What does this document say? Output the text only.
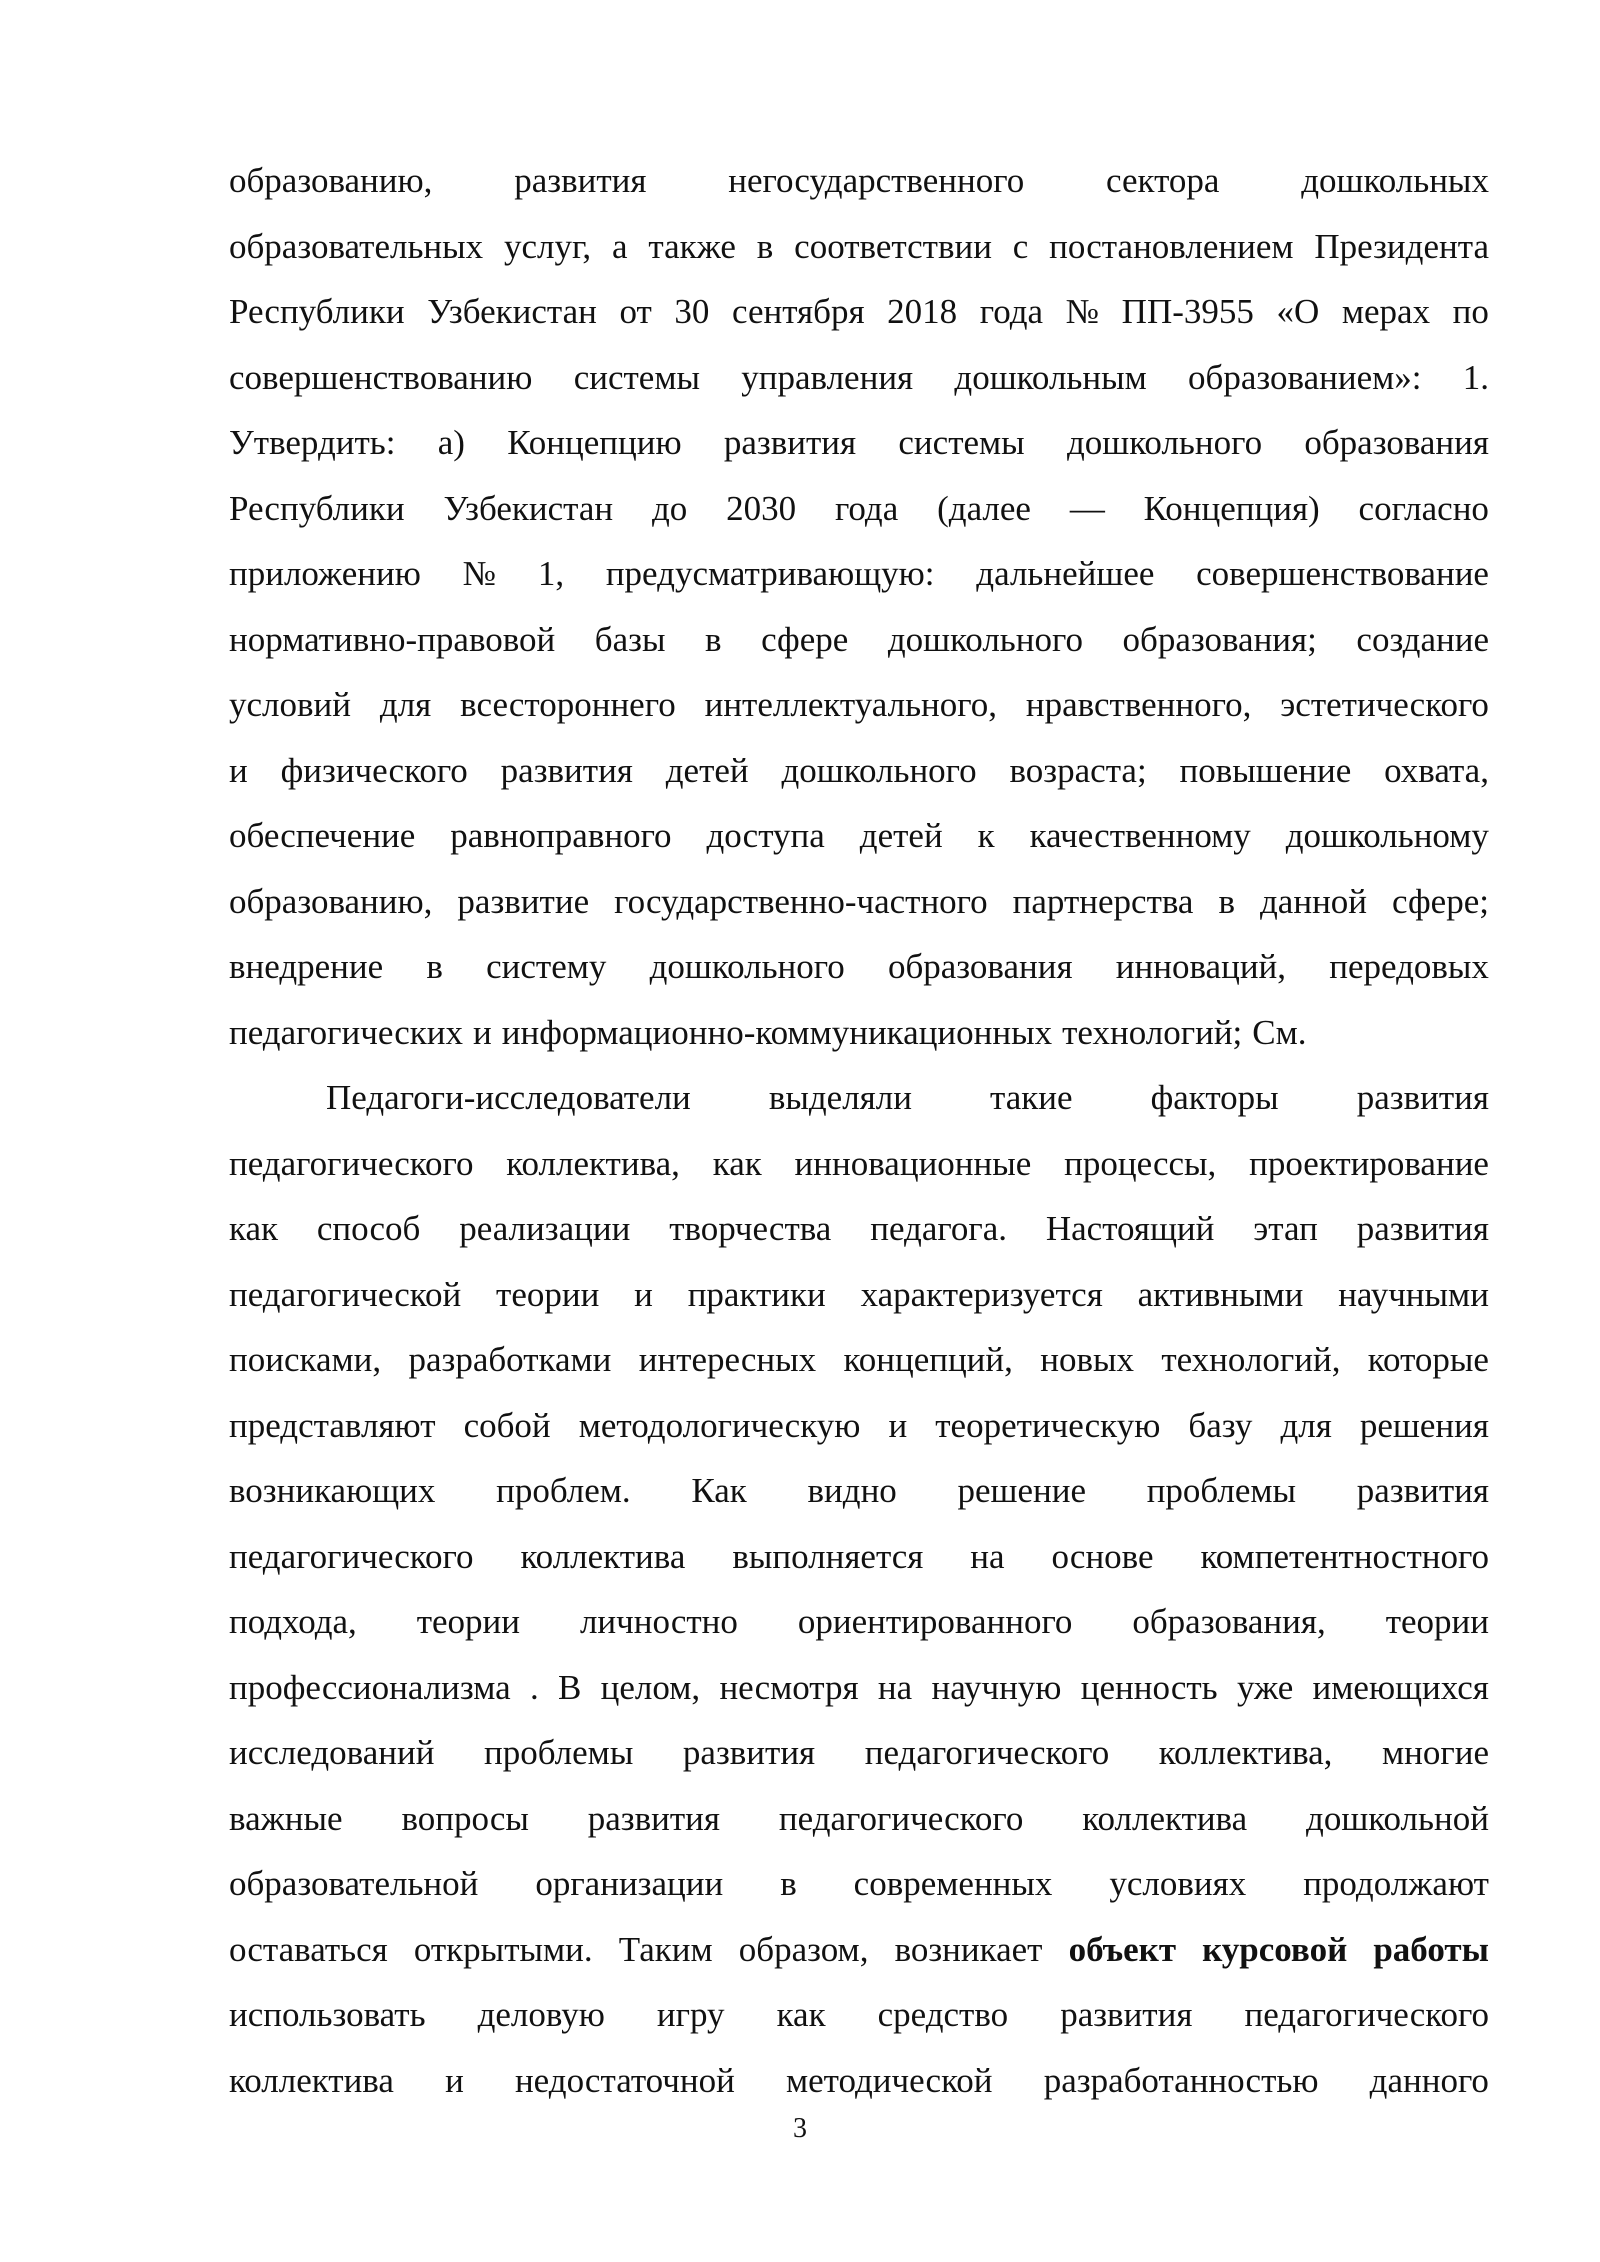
образованию, развития негосударственного сектора дошкольных
образовательных услуг, а также в соответствии с постановлением Президента
Республики Узбекистан от 30 сентября 2018 года № ПП-3955 «О мерах по
совершенствованию системы управления дошкольным образованием»: 1.
Утвердить: а) Концепцию развития системы дошкольного образования
Республики Узбекистан до 2030 года (далее — Концепция) согласно
приложению № 1, предусматривающую: дальнейшее совершенствование
нормативно-правовой базы в сфере дошкольного образования; создание
условий для всестороннего интеллектуального, нравственного, эстетического
и физического развития детей дошкольного возраста; повышение охвата,
обеспечение равноправного доступа детей к качественному дошкольному
образованию, развитие государственно-частного партнерства в данной сфере;
внедрение в систему дошкольного образования инноваций, передовых
педагогических и информационно-коммуникационных технологий; См.
Педагоги-исследователи выделяли такие факторы развития
педагогического коллектива, как инновационные процессы, проектирование
как способ реализации творчества педагога. Настоящий этап развития
педагогической теории и практики характеризуется активными научными
поисками, разработками интересных концепций, новых технологий, которые
представляют собой методологическую и теоретическую базу для решения
возникающих проблем. Как видно решение проблемы развития
педагогического коллектива выполняется на основе компетентностного
подхода, теории личностно ориентированного образования, теории
профессионализма . В целом, несмотря на научную ценность уже имеющихся
исследований проблемы развития педагогического коллектива, многие
важные вопросы развития педагогического коллектива дошкольной
образовательной организации в современных условиях продолжают
оставаться открытыми. Таким образом, возникает объект курсовой работы
использовать деловую игру как средство развития педагогического
коллектива и недостаточной методической разработанностью данного
3
